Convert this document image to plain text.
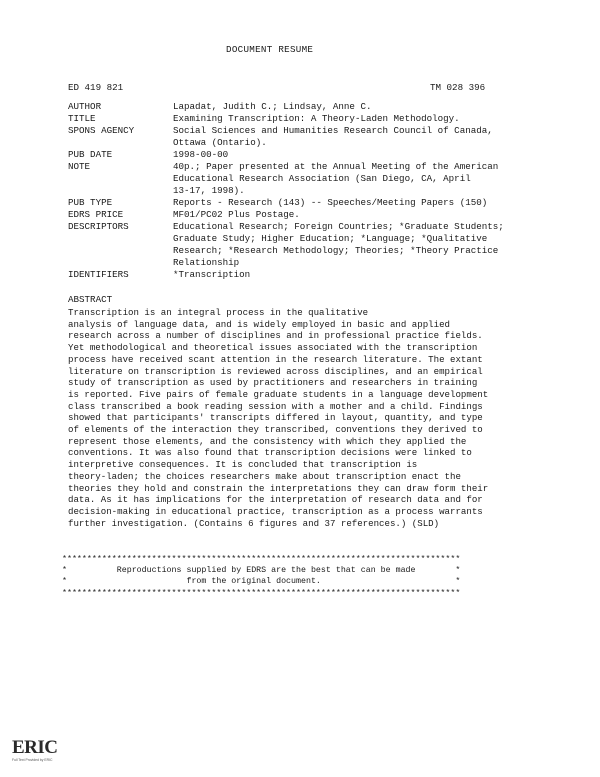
DOCUMENT RESUME
ED 419 821	TM 028 396
AUTHOR	Lapadat, Judith C.; Lindsay, Anne C.
TITLE	Examining Transcription: A Theory-Laden Methodology.
SPONS AGENCY	Social Sciences and Humanities Research Council of Canada,
Ottawa (Ontario).
PUB DATE	1998-00-00
NOTE	40p.; Paper presented at the Annual Meeting of the American
Educational Research Association (San Diego, CA, April
13-17, 1998).
PUB TYPE	Reports - Research (143) -- Speeches/Meeting Papers (150)
EDRS PRICE	MF01/PC02 Plus Postage.
DESCRIPTORS	Educational Research; Foreign Countries; *Graduate Students;
Graduate Study; Higher Education; *Language; *Qualitative
Research; *Research Methodology; Theories; *Theory Practice
Relationship
IDENTIFIERS	*Transcription
ABSTRACT
Transcription is an integral process in the qualitative
analysis of language data, and is widely employed in basic and applied
research across a number of disciplines and in professional practice fields.
Yet methodological and theoretical issues associated with the transcription
process have received scant attention in the research literature. The extant
literature on transcription is reviewed across disciplines, and an empirical
study of transcription as used by practitioners and researchers in training
is reported. Five pairs of female graduate students in a language development
class transcribed a book reading session with a mother and a child. Findings
showed that participants' transcripts differed in layout, quantity, and type
of elements of the interaction they transcribed, conventions they derived to
represent those elements, and the consistency with which they applied the
conventions. It was also found that transcription decisions were linked to
interpretive consequences. It is concluded that transcription is
theory-laden; the choices researchers make about transcription enact the
theories they hold and constrain the interpretations they can draw form their
data. As it has implications for the interpretation of research data and for
decision-making in educational practice, transcription as a process warrants
further investigation. (Contains 6 figures and 37 references.) (SLD)
********************************************************************************
*          Reproductions supplied by EDRS are the best that can be made        *
*                        from the original document.                           *
********************************************************************************
ERIC
Full Text Provided by ERIC
